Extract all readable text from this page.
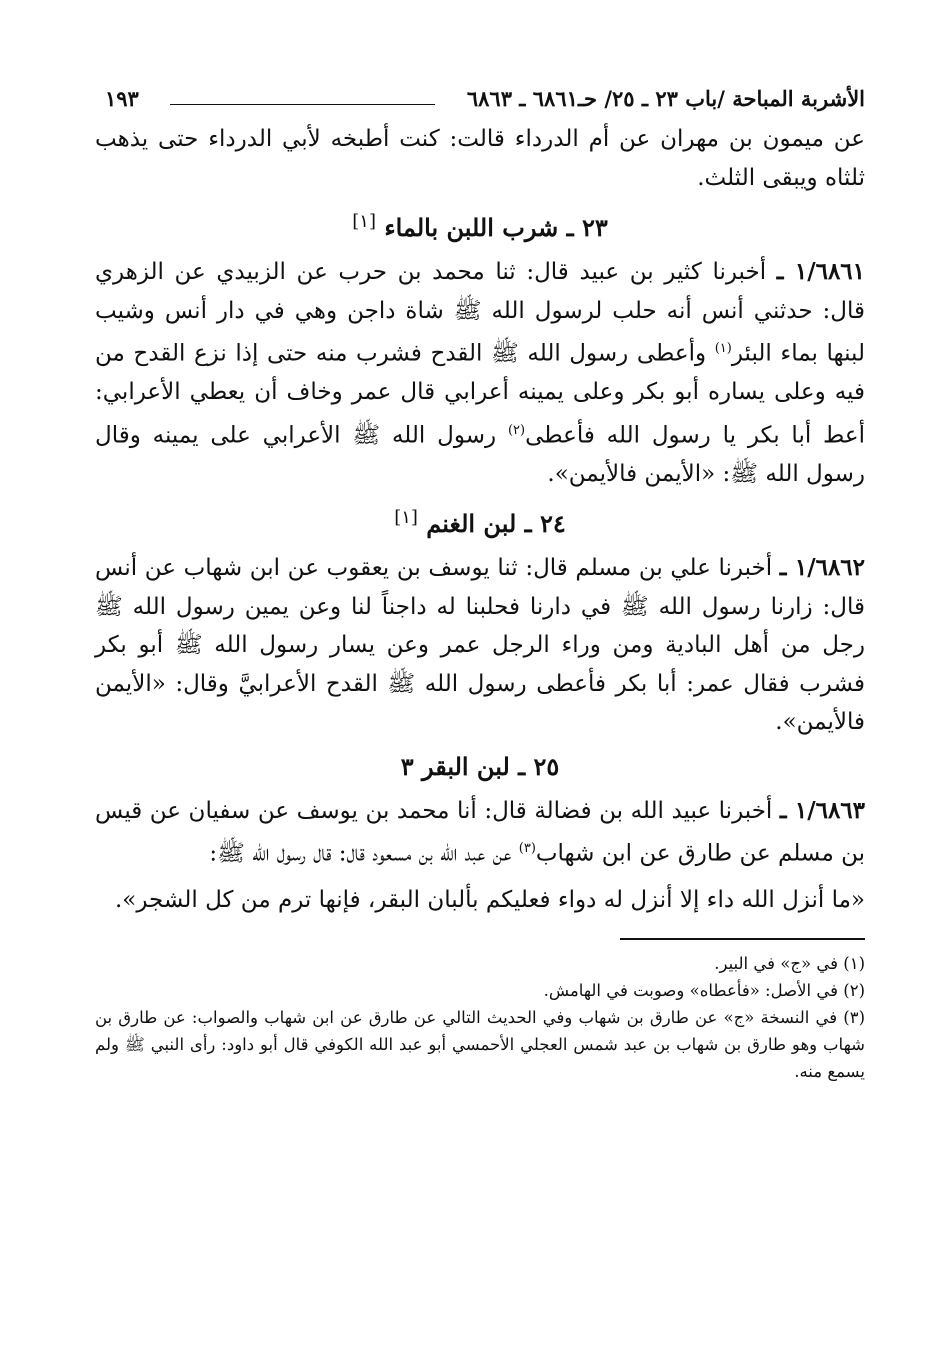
الأشربة المباحة /باب ٢٣ ـ ٢٥/ حـ٦٨٦١ ـ ٦٨٦٣
١٩٣

عن ميمون بن مهران عن أم الدرداء قالت: كنت أطبخه لأبي الدرداء حتى يذهب ثلثاه ويبقى الثلث.

٢٣ ـ شرب اللبن بالماء [١]

١/٦٨٦١ ـ أخبرنا كثير بن عبيد قال: ثنا محمد بن حرب عن الزبيدي عن الزهري قال: حدثني أنس أنه حلب لرسول الله ﷺ شاة داجن وهي في دار أنس وشيب لبنها بماء البئر$^{(١)}$ وأعطى رسول الله ﷺ القدح فشرب منه حتى إذا نزع القدح من فيه وعلى يساره أبو بكر وعلى يمينه أعرابي قال عمر وخاف أن يعطي الأعرابي: أعط أبا بكر يا رسول الله فأعطى$^{(٢)}$ رسول الله ﷺ الأعرابي على يمينه وقال رسول الله ﷺ: «الأيمن فالأيمن».

٢٤ ـ لبن الغنم [١]

١/٦٨٦٢ ـ أخبرنا علي بن مسلم قال: ثنا يوسف بن يعقوب عن ابن شهاب عن أنس قال: زارنا رسول الله ﷺ في دارنا فحلبنا له داجناً لنا وعن يمين رسول الله ﷺ رجل من أهل البادية ومن وراء الرجل عمر وعن يسار رسول الله ﷺ أبو بكر فشرب فقال عمر: أبا بكر فأعطى رسول الله ﷺ القدح الأعرابيَّ وقال: «الأيمن فالأيمن».

٢٥ ـ لبن البقر ٣

١/٦٨٦٣ ـ أخبرنا عبيد الله بن فضالة قال: أنا محمد بن يوسف عن سفيان عن قيس بن مسلم عن طارق عن ابن شهاب$^{(٣)}$ عن عبد الله بن مسعود قال: قال رسول الله ﷺ:

«ما أنزل الله داء إلا أنزل له دواء فعليكم بألبان البقر، فإنها ترم من كل الشجر».

(١) في «ج» في البير.

(٢) في الأصل: «فأعطاه» وصوبت في الهامش.

(٣) في النسخة «ج» عن طارق بن شهاب وفي الحديث التالي عن طارق عن ابن شهاب والصواب: عن طارق بن شهاب وهو طارق بن شهاب بن عبد شمس العجلي الأحمسي أبو عبد الله الكوفي قال أبو داود: رأى النبي ﷺ ولم يسمع منه.
